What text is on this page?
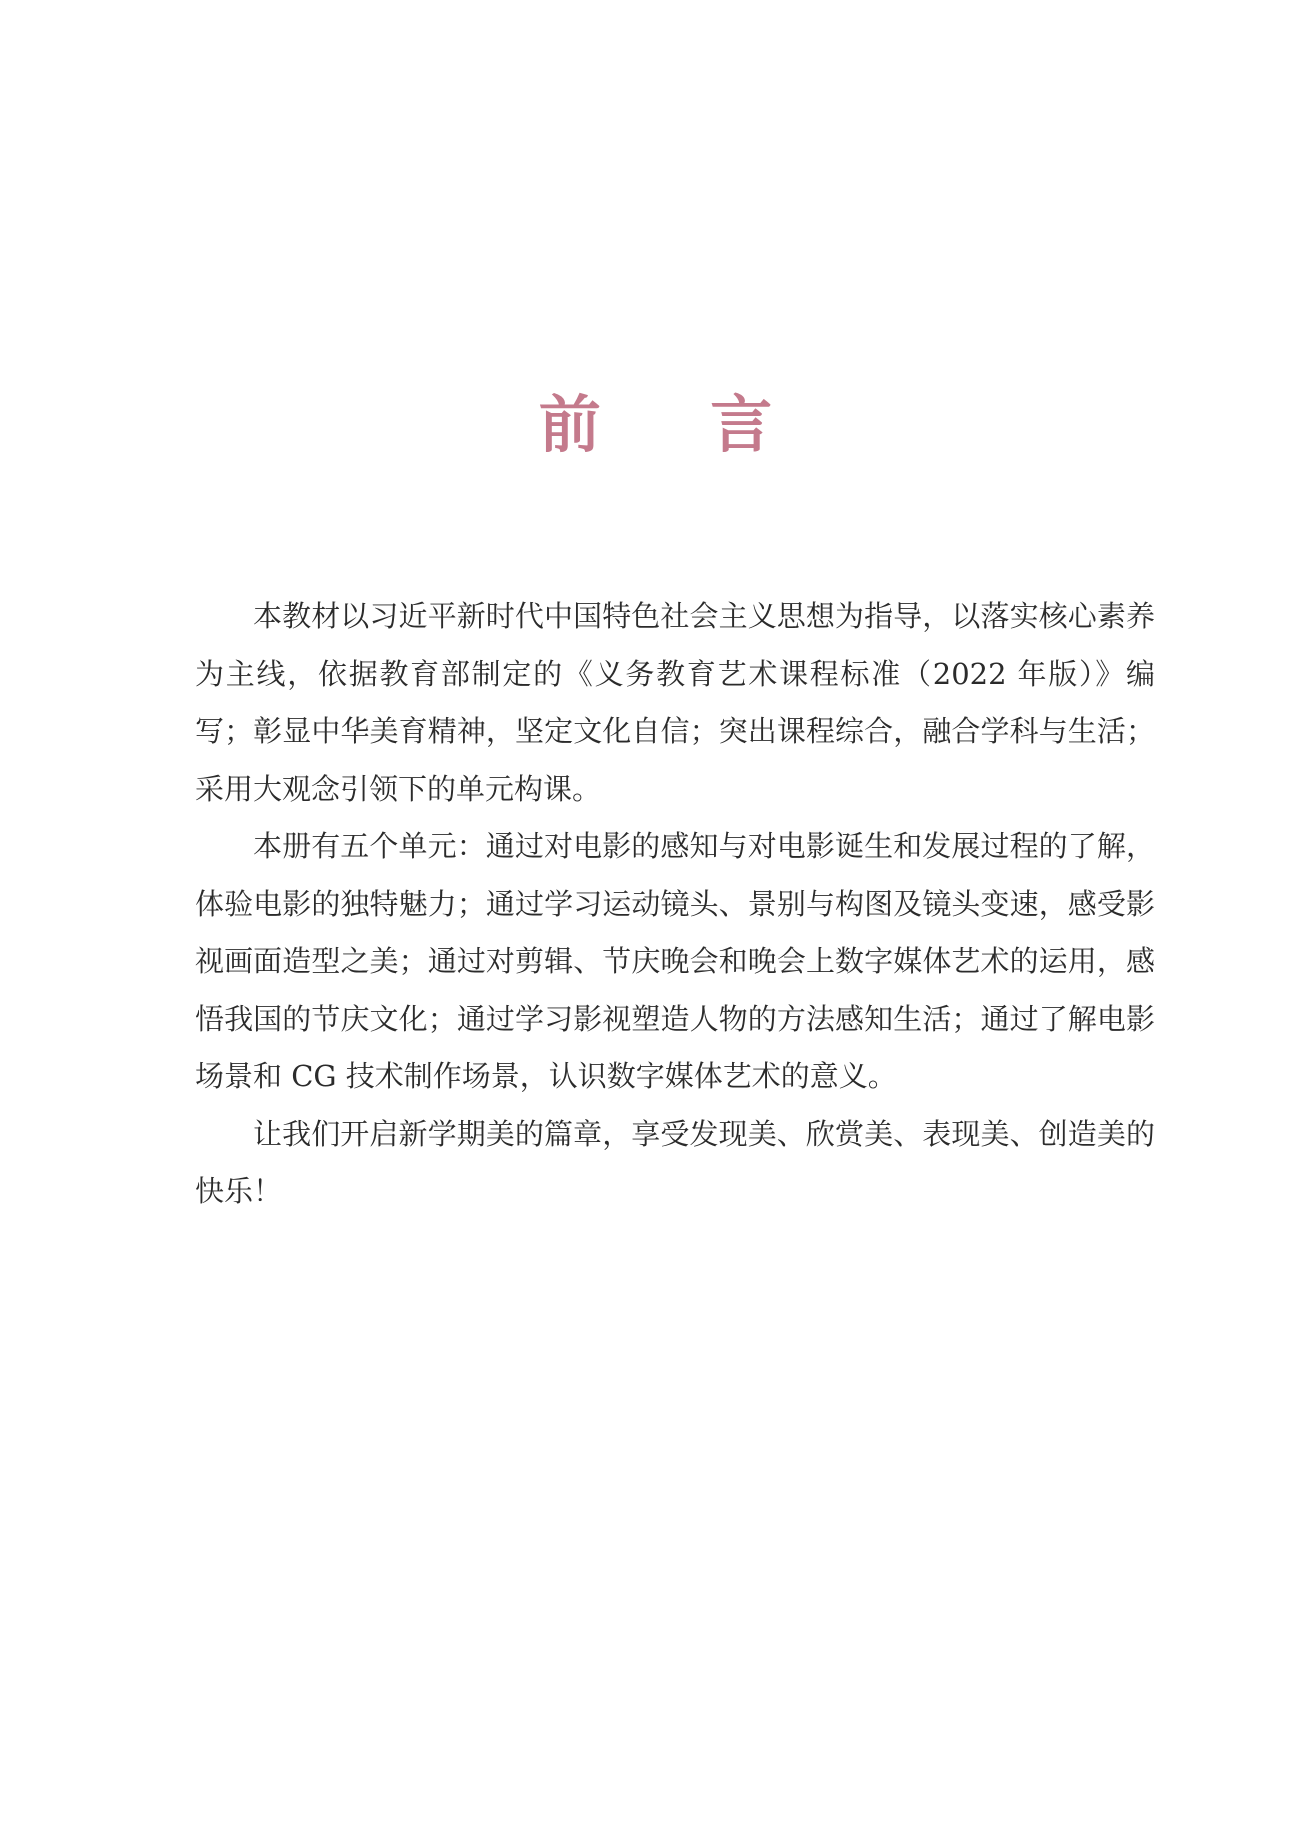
前 言

本教材以习近平新时代中国特色社会主义思想为指导，以落实核心素养为主线，依据教育部制定的《义务教育艺术课程标准（2022 年版）》编写；彰显中华美育精神，坚定文化自信；突出课程综合，融合学科与生活；采用大观念引领下的单元构课。

本册有五个单元：通过对电影的感知与对电影诞生和发展过程的了解，体验电影的独特魅力；通过学习运动镜头、景别与构图及镜头变速，感受影视画面造型之美；通过对剪辑、节庆晚会和晚会上数字媒体艺术的运用，感悟我国的节庆文化；通过学习影视塑造人物的方法感知生活；通过了解电影场景和 CG 技术制作场景，认识数字媒体艺术的意义。

让我们开启新学期美的篇章，享受发现美、欣赏美、表现美、创造美的快乐！
